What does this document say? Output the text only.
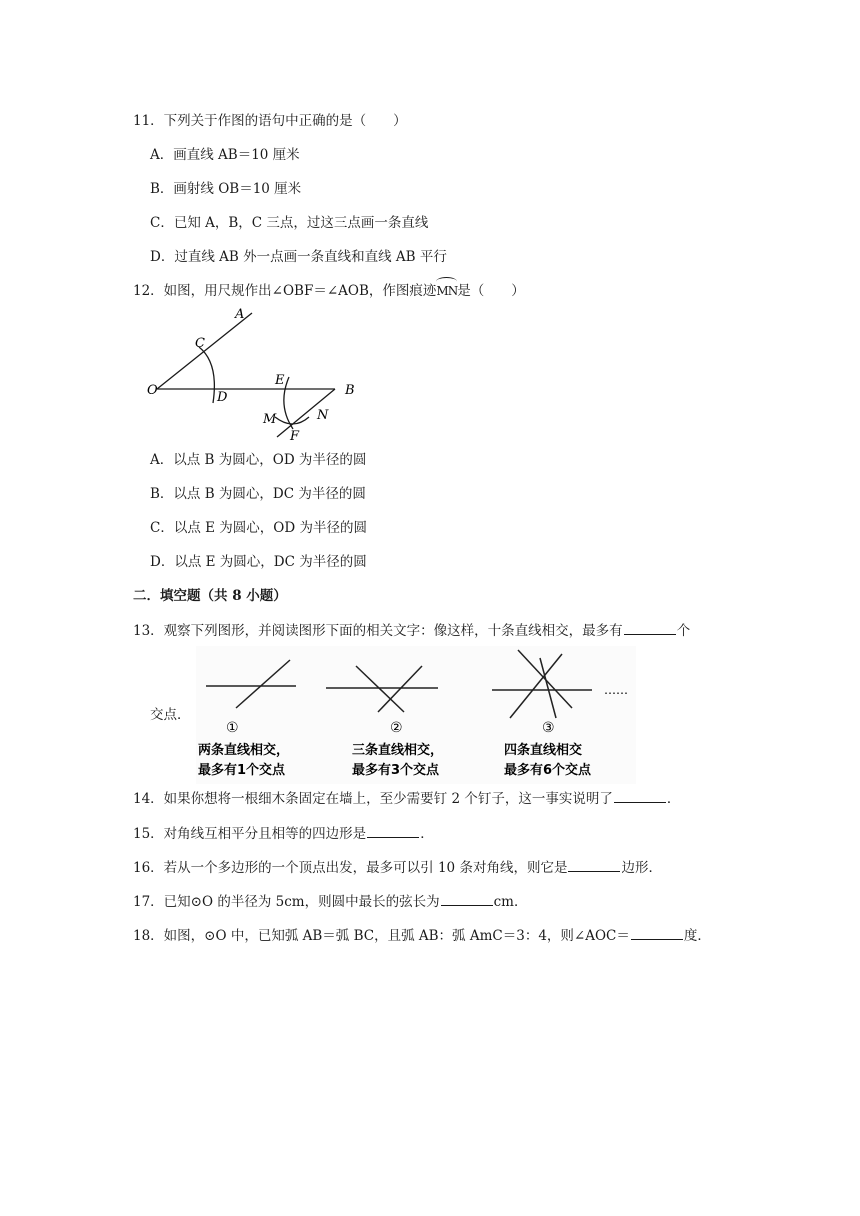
11．下列关于作图的语句中正确的是（　　）
A．画直线 AB＝10 厘米
B．画射线 OB＝10 厘米
C．已知 A，B，C 三点，过这三点画一条直线
D．过直线 AB 外一点画一条直线和直线 AB 平行
12．如图，用尺规作出∠OBF＝∠AOB，作图痕迹MN是（　　）
A
C
O	D
E
B
M	N
F
A．以点 B 为圆心，OD 为半径的圆
B．以点 B 为圆心，DC 为半径的圆
C．以点 E 为圆心，OD 为半径的圆
D．以点 E 为圆心，DC 为半径的圆
二．填空题（共 8 小题）
13．观察下列图形，并阅读图形下面的相关文字：像这样，十条直线相交，最多有	个
交点．
①
两条直线相交，
最多有1个交点
②
三条直线相交，
最多有3个交点
……
③
四条直线相交
最多有6个交点
14．如果你想将一根细木条固定在墙上，至少需要钉 2 个钉子，这一事实说明了	．
15．对角线互相平分且相等的四边形是	．
16．若从一个多边形的一个顶点出发，最多可以引 10 条对角线，则它是	边形．
17．已知⊙O 的半径为 5cm，则圆中最长的弦长为	cm．
18．如图，⊙O 中，已知弧 AB＝弧 BC，且弧 AB：弧 AmC＝3：4，则∠AOC＝	度．
